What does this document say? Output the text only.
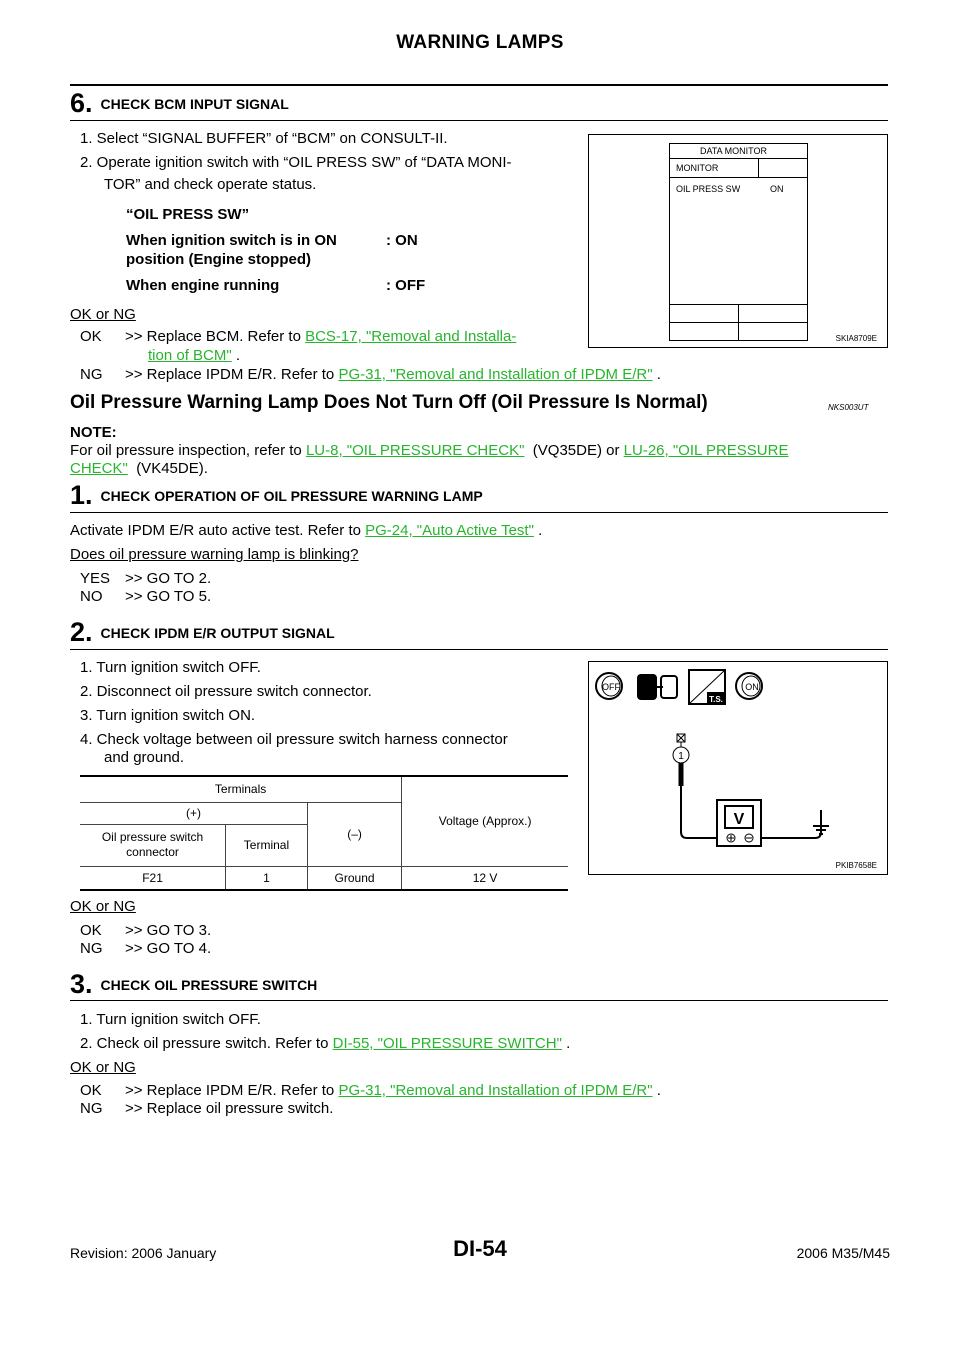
WARNING LAMPS
6. CHECK BCM INPUT SIGNAL
1. Select “SIGNAL BUFFER” of “BCM” on CONSULT-II.
2. Operate ignition switch with “OIL PRESS SW” of “DATA MONI-
TOR” and check operate status.
“OIL PRESS SW”
When ignition switch is in ON
position (Engine stopped)
: ON
When engine running	: OFF
OK or NG
OK >> Replace BCM. Refer to BCS-17, "Removal and Installa-
tion of BCM" .
NG >> Replace IPDM E/R. Refer to PG-31, "Removal and Installation of IPDM E/R" .
DATA MONITOR
MONITOR
OIL PRESS SW	ON
SKIA8709E
Oil Pressure Warning Lamp Does Not Turn Off (Oil Pressure Is Normal)	NKS003UT
NOTE:
For oil pressure inspection, refer to LU-8, "OIL PRESSURE CHECK" (VQ35DE) or LU-26, "OIL PRESSURE
CHECK" (VK45DE).
1. CHECK OPERATION OF OIL PRESSURE WARNING LAMP
Activate IPDM E/R auto active test. Refer to PG-24, "Auto Active Test" .
Does oil pressure warning lamp is blinking?
YES >> GO TO 2.
NO >> GO TO 5.
2. CHECK IPDM E/R OUTPUT SIGNAL
1. Turn ignition switch OFF.
2. Disconnect oil pressure switch connector.
3. Turn ignition switch ON.
4. Check voltage between oil pressure switch harness connector
and ground.
Terminals			Voltage (Approx.)
(+)		(–)	
Oil pressure switch
connector	Terminal		
F21	1	Ground	12 V
OK or NG
OK >> GO TO 3.
NG >> GO TO 4.
OFF
T.S.
ON
1
V
PKIB7658E
3. CHECK OIL PRESSURE SWITCH
1. Turn ignition switch OFF.
2. Check oil pressure switch. Refer to DI-55, "OIL PRESSURE SWITCH" .
OK or NG
OK >> Replace IPDM E/R. Refer to PG-31, "Removal and Installation of IPDM E/R" .
NG >> Replace oil pressure switch.
Revision: 2006 January	DI-54	2006 M35/M45
